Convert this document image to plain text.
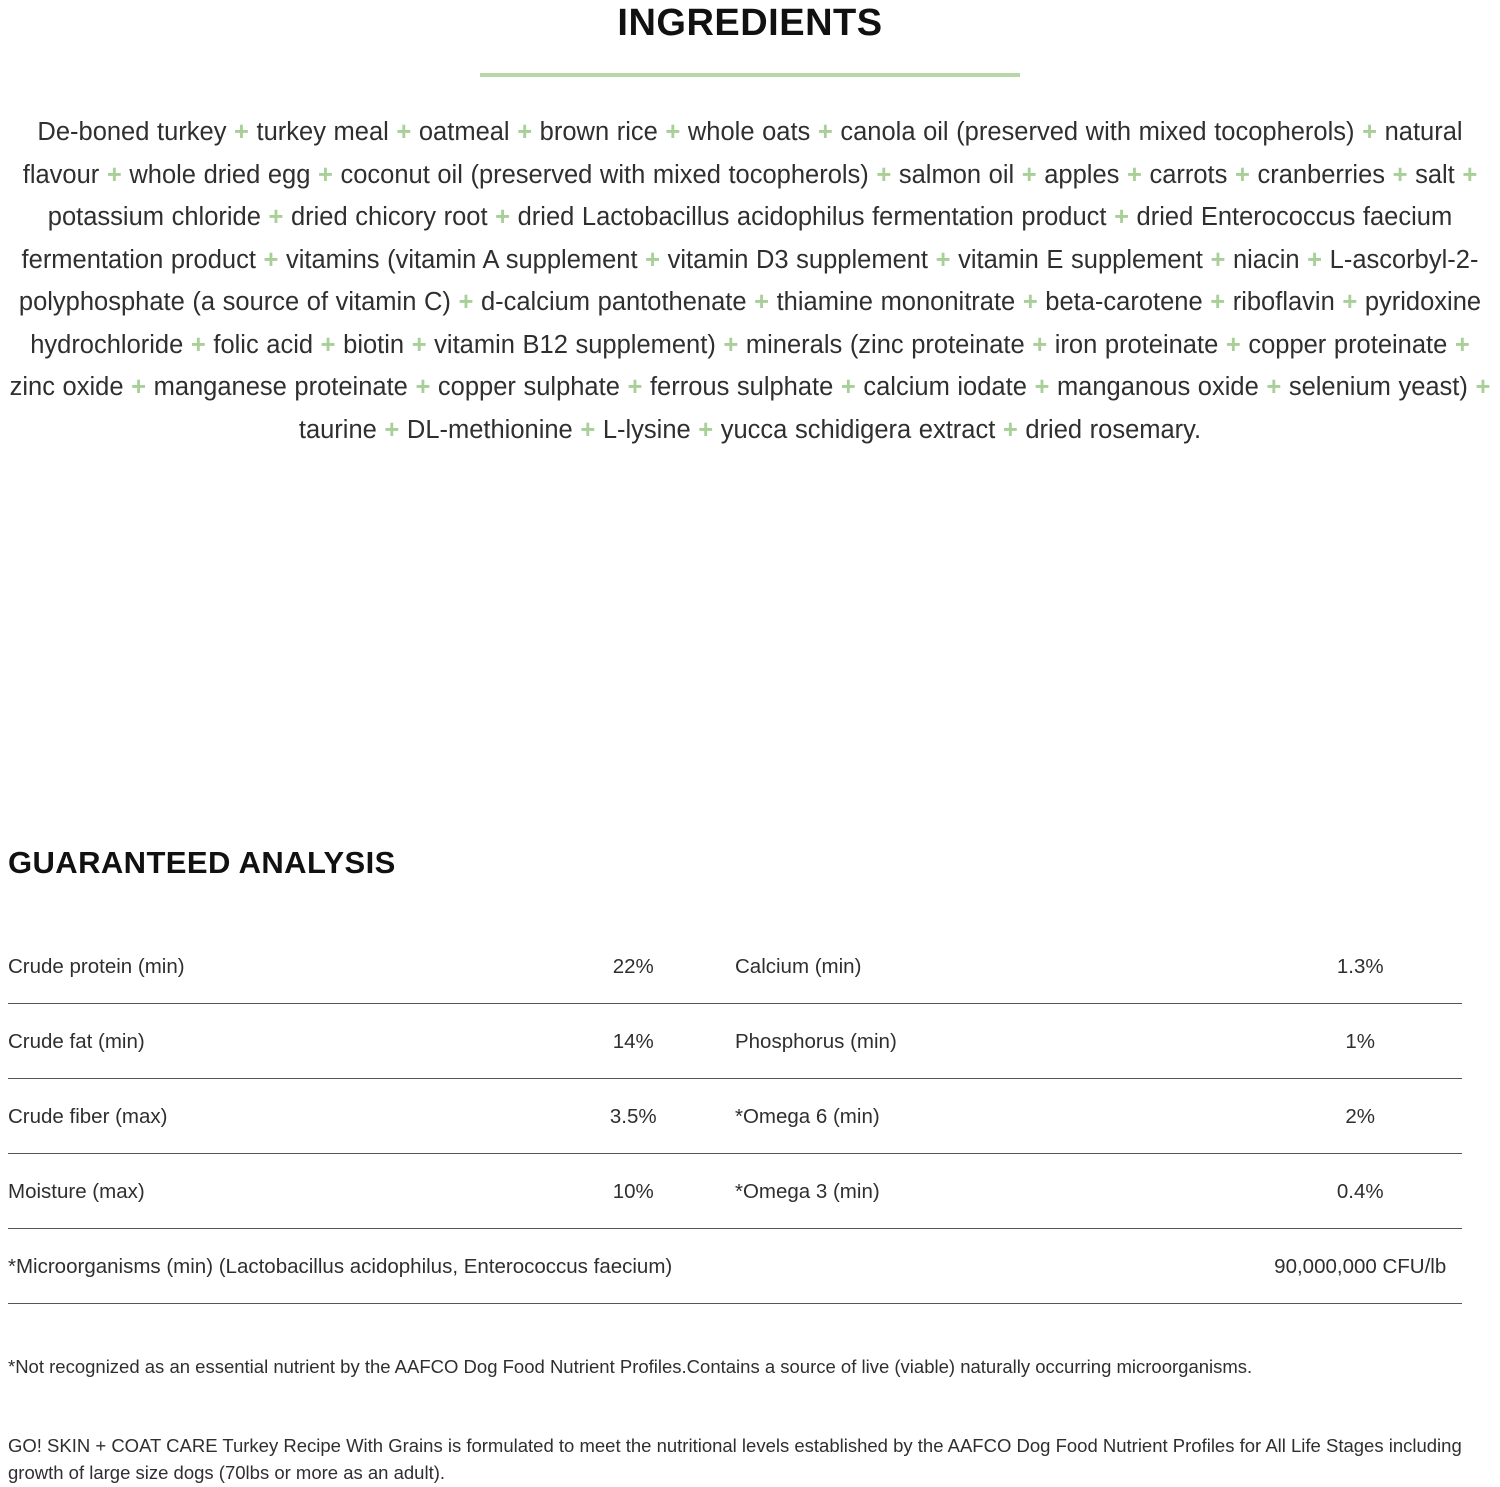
INGREDIENTS
De-boned turkey + turkey meal + oatmeal + brown rice + whole oats + canola oil (preserved with mixed tocopherols) + natural flavour + whole dried egg + coconut oil (preserved with mixed tocopherols) + salmon oil + apples + carrots + cranberries + salt + potassium chloride + dried chicory root + dried Lactobacillus acidophilus fermentation product + dried Enterococcus faecium fermentation product + vitamins (vitamin A supplement + vitamin D3 supplement + vitamin E supplement + niacin + L-ascorbyl-2-polyphosphate (a source of vitamin C) + d-calcium pantothenate + thiamine mononitrate + beta-carotene + riboflavin + pyridoxine hydrochloride + folic acid + biotin + vitamin B12 supplement) + minerals (zinc proteinate + iron proteinate + copper proteinate + zinc oxide + manganese proteinate + copper sulphate + ferrous sulphate + calcium iodate + manganous oxide + selenium yeast) + taurine + DL-methionine + L-lysine + yucca schidigera extract + dried rosemary.
GUARANTEED ANALYSIS
Crude protein (min)	22%	Calcium (min)	1.3%
Crude fat (min)	14%	Phosphorus (min)	1%
Crude fiber (max)	3.5%	*Omega 6 (min)	2%
Moisture (max)	10%	*Omega 3 (min)	0.4%
*Microorganisms (min) (Lactobacillus acidophilus, Enterococcus faecium)			90,000,000 CFU/lb
*Not recognized as an essential nutrient by the AAFCO Dog Food Nutrient Profiles.Contains a source of live (viable) naturally occurring microorganisms.
GO! SKIN + COAT CARE Turkey Recipe With Grains is formulated to meet the nutritional levels established by the AAFCO Dog Food Nutrient Profiles for All Life Stages including growth of large size dogs (70lbs or more as an adult).
